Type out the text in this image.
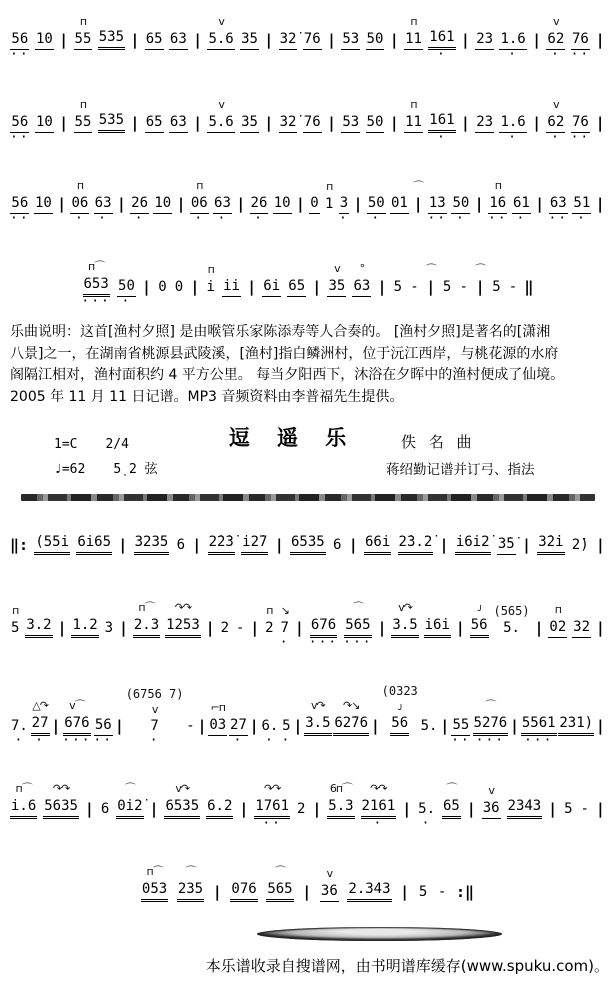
56
··
10 |
п
55 535 | 65 63 |
v
5.6 35 | 32̇ 76 | 53 50 |
п
11 161
·
| 23 1.6
·
|
v
62
·
76
··
|
56
··
10 |
п
55 535 | 65 63 |
v
5.6 35 | 32̇ 76 | 53 50 |
п
11 161
·
| 23 1.6
·
|
v
62
·
76
··
|
56
··
10 |
п
06
·
63
·
| 26
·
10 |
п
06
·
63
·
| 26
·
10 | 0
п
1 3
·
| 50
·
01
⌒
| 13
··
50
·
|
п
16
··
61
·
| 63
··
51
·
|
п⌒
653
···
50
·
| 0 0 |
п
i ii | 6i 65 |
v
35
°
63 | 5 -
⌒
| 5 -
⌒
| 5 - ‖
乐曲说明：这首[渔村夕照] 是由喉管乐家陈添寿等人合奏的。 [渔村夕照]是著名的[潇湘
八景]之一，在湖南省桃源县武陵溪，[渔村]指白鳞洲村，位于沅江西岸，与桃花源的水府
阁隔江相对，渔村面积约 4 平方公里。 每当夕阳西下，沐浴在夕晖中的渔村便成了仙境。
2005 年 11 月 11 日记谱。MP3 音频资料由李普福先生提供。
1=C 2/4	逗 遥 乐	佚 名 曲
♩=62 5̣ 2 弦	蒋绍勤记谱并订弓、指法
‖: (55i 6i65 | 3235 6 | 2̇2̇3̇ i2̇7 | 6535 6 | 66i 2̇3.2̇ | i6i2̇ 3̇5̇ | 3̇2̇i 2̇) |
п
5 3.2 | 1.2 3 |
п⌒
2.3
↷↷
1253 | 2 - |
п
2
↘
7
·
| 676
···
⌒
565
···
|
v↷
3.5 i6i |
ᴊ
56
(565)
5. |
п
02 32 |
7.
·
△↷
27
·
|
v⌒
676
···
56
··
|
(6756 7)
v
7
·
- |
⌐п
03 27
·
| 6.
·
5
·
|
v↷
3.5
↷↘
62̇76 |
(0323
ᴊ
56 5. | 55
··
⌒
5276
···
| 5561
···
231) |
п⌒
i.6
↷↷
5635 | 6
⌒
0i2̇ |
v↷
6535 6.2 |
↷↷
1761
··
2 |
6п⌒
5.3
↷↷
2161
·
| 5.
·
⌒
65 |
v
36 2343 | 5 - |
п⌒
053
⌒
235 | 076
⌒
565 |
v
36 2.343 | 5 - :‖
本乐谱收录自搜谱网，由书明谱库缓存(www.spuku.com)。
